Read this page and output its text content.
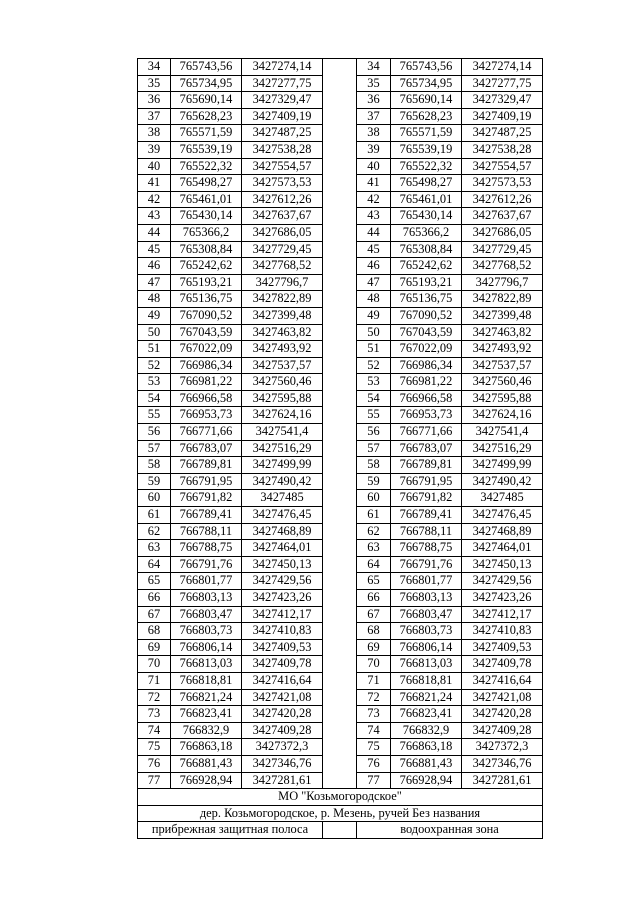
34	765743,56	3427274,14		34	765743,56	3427274,14
35	765734,95	3427277,75		35	765734,95	3427277,75
36	765690,14	3427329,47		36	765690,14	3427329,47
37	765628,23	3427409,19		37	765628,23	3427409,19
38	765571,59	3427487,25		38	765571,59	3427487,25
39	765539,19	3427538,28		39	765539,19	3427538,28
40	765522,32	3427554,57		40	765522,32	3427554,57
41	765498,27	3427573,53		41	765498,27	3427573,53
42	765461,01	3427612,26		42	765461,01	3427612,26
43	765430,14	3427637,67		43	765430,14	3427637,67
44	765366,2	3427686,05		44	765366,2	3427686,05
45	765308,84	3427729,45		45	765308,84	3427729,45
46	765242,62	3427768,52		46	765242,62	3427768,52
47	765193,21	3427796,7		47	765193,21	3427796,7
48	765136,75	3427822,89		48	765136,75	3427822,89
49	767090,52	3427399,48		49	767090,52	3427399,48
50	767043,59	3427463,82		50	767043,59	3427463,82
51	767022,09	3427493,92		51	767022,09	3427493,92
52	766986,34	3427537,57		52	766986,34	3427537,57
53	766981,22	3427560,46		53	766981,22	3427560,46
54	766966,58	3427595,88		54	766966,58	3427595,88
55	766953,73	3427624,16		55	766953,73	3427624,16
56	766771,66	3427541,4		56	766771,66	3427541,4
57	766783,07	3427516,29		57	766783,07	3427516,29
58	766789,81	3427499,99		58	766789,81	3427499,99
59	766791,95	3427490,42		59	766791,95	3427490,42
60	766791,82	3427485		60	766791,82	3427485
61	766789,41	3427476,45		61	766789,41	3427476,45
62	766788,11	3427468,89		62	766788,11	3427468,89
63	766788,75	3427464,01		63	766788,75	3427464,01
64	766791,76	3427450,13		64	766791,76	3427450,13
65	766801,77	3427429,56		65	766801,77	3427429,56
66	766803,13	3427423,26		66	766803,13	3427423,26
67	766803,47	3427412,17		67	766803,47	3427412,17
68	766803,73	3427410,83		68	766803,73	3427410,83
69	766806,14	3427409,53		69	766806,14	3427409,53
70	766813,03	3427409,78		70	766813,03	3427409,78
71	766818,81	3427416,64		71	766818,81	3427416,64
72	766821,24	3427421,08		72	766821,24	3427421,08
73	766823,41	3427420,28		73	766823,41	3427420,28
74	766832,9	3427409,28		74	766832,9	3427409,28
75	766863,18	3427372,3		75	766863,18	3427372,3
76	766881,43	3427346,76		76	766881,43	3427346,76
77	766928,94	3427281,61		77	766928,94	3427281,61
МО "Козьмогородское"						
дер. Козьмогородское, р. Мезень, ручей Без названия						
прибрежная защитная полоса				водоохранная зона		
